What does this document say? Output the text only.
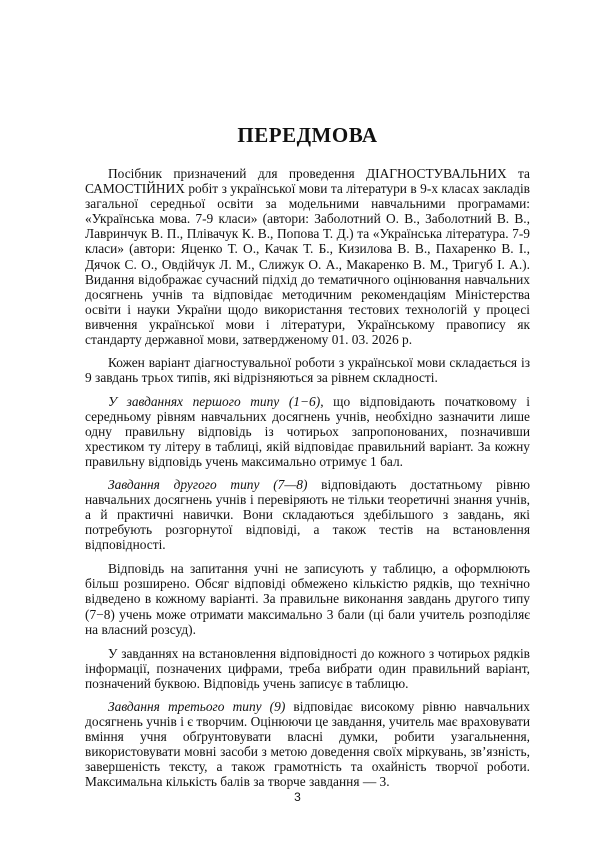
ПЕРЕДМОВА

Посібник призначений для проведення ДІАГНОСТУВАЛЬНИХ та САМОСТІЙНИХ робіт з української мови та літератури в 9-х класах закладів загальної середньої освіти за модельними навчальними програмами: «Українська мова. 7-9 класи» (автори: Заболотний О. В., Заболотний В. В., Лавринчук В. П., Плівачук К. В., Попова Т. Д.) та «Українська література. 7-9 класи» (автори: Яценко Т. О., Качак Т. Б., Кизилова В. В., Пахаренко В. І., Дячок С. О., Овдійчук Л. М., Слижук О. А., Макаренко В. М., Тригуб І. А.). Видання відображає сучасний підхід до тематичного оцінювання навчальних досягнень учнів та відповідає методичним рекомендаціям Міністерства освіти і науки України щодо використання тестових технологій у процесі вивчення української мови і літератури, Українському правопису як стандарту державної мови, затвердженому 01. 03. 2026 р.

Кожен варіант діагностувальної роботи з української мови складається із 9 завдань трьох типів, які відрізняються за рівнем складності.

У завданнях першого типу (1−6), що відповідають початковому і середньому рівням навчальних досягнень учнів, необхідно зазначити лише одну правильну відповідь із чотирьох запропонованих, позначивши хрестиком ту літеру в таблиці, якій відповідає правильний варіант. За кожну правильну відповідь учень максимально отримує 1 бал.

Завдання другого типу (7—8) відповідають достатньому рівню навчальних досягнень учнів і перевіряють не тільки теоретичні знання учнів, а й практичні навички. Вони складаються здебільшого з завдань, які потребують розгорнутої відповіді, а також тестів на встановлення відповідності.

Відповідь на запитання учні не записують у таблицю, а оформлюють більш розширено. Обсяг відповіді обмежено кількістю рядків, що технічно відведено в кожному варіанті. За правильне виконання завдань другого типу (7−8) учень може отримати максимально 3 бали (ці бали учитель розподіляє на власний розсуд).

У завданнях на встановлення відповідності до кожного з чотирьох рядків інформації, позначених цифрами, треба вибрати один правильний варіант, позначений буквою. Відповідь учень записує в таблицю.

Завдання третього типу (9) відповідає високому рівню навчальних досягнень учнів і є творчим. Оцінюючи це завдання, учитель має враховувати вміння учня обґрунтовувати власні думки, робити узагальнення, використовувати мовні засоби з метою доведення своїх міркувань, зв’язність, завершеність тексту, а також грамотність та охайність творчої роботи. Максимальна кількість балів за творче завдання — 3.

3
